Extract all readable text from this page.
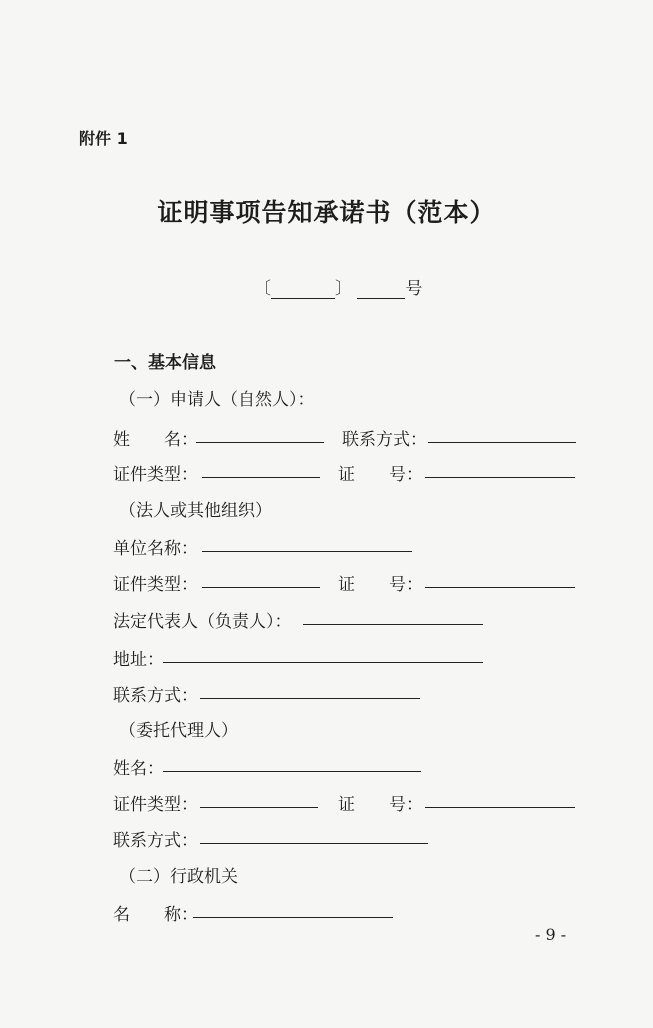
附件 1
证明事项告知承诺书（范本）
〔	〕	号
一、基本信息
（一）申请人（自然人）：
姓　　名：	联系方式：
证件类型：	证　　号：
（法人或其他组织）
单位名称：
证件类型：	证　　号：
法定代表人（负责人）：
地址：
联系方式：
（委托代理人）
姓名：
证件类型：	证　　号：
联系方式：
（二）行政机关
名　　称：
- 9 -
